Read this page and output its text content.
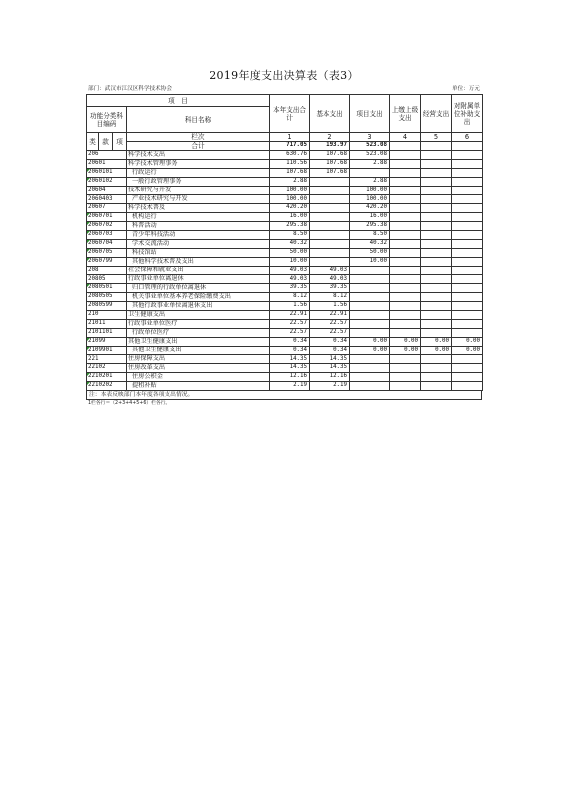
2019年度支出决算表（表3）
部门：武汉市江汉区科学技术协会	单位：万元
项　目				本年支出合计	基本支出	项目支出	上缴上级支出	经营支出	对附属单位补助支出
功能分类科目编码			科目名称						

类	款	项	栏次	1	2	3	4	5	6
			合计	717.05	193.97	523.08			
206			科学技术支出	630.76	107.68	523.08			
20601			科学技术管理事务	110.56	107.68	2.88			
2060101			行政运行	107.68	107.68				
2060102			一般行政管理事务	2.88		2.88			
20604			技术研究与开发	100.00		100.00			
2060403			产业技术研究与开发	100.00		100.00			
20607			科学技术普及	420.20		420.20			
2060701			机构运行	16.00		16.00			
2060702			科普活动	295.38		295.38			
2060703			青少年科技活动	8.50		8.50			
2060704			学术交流活动	40.32		40.32			
2060705			科技馆站	50.00		50.00			
2060799			其他科学技术普及支出	10.00		10.00			
208			社会保障和就业支出	49.03	49.03				
20805			行政事业单位离退休	49.03	49.03				
2080501			归口管理的行政单位离退休	39.35	39.35				
2080505			机关事业单位基本养老保险缴费支出	8.12	8.12				
2080599			其他行政事业单位离退休支出	1.56	1.56				
210			卫生健康支出	22.91	22.91				
21011			行政事业单位医疗	22.57	22.57				
2101101			行政单位医疗	22.57	22.57				
21099			其他卫生健康支出	0.34	0.34	0.00	0.00	0.00	0.00
2109901			其他卫生健康支出	0.34	0.34	0.00	0.00	0.00	0.00
221			住房保障支出	14.35	14.35				
22102			住房改革支出	14.35	14.35				
2210201			住房公积金	12.16	12.16				
2210202			提租补贴	2.19	2.19				
注：本表反映部门本年度各项支出情况。
1栏各行＝（2+3+4+5+6）栏各行。
